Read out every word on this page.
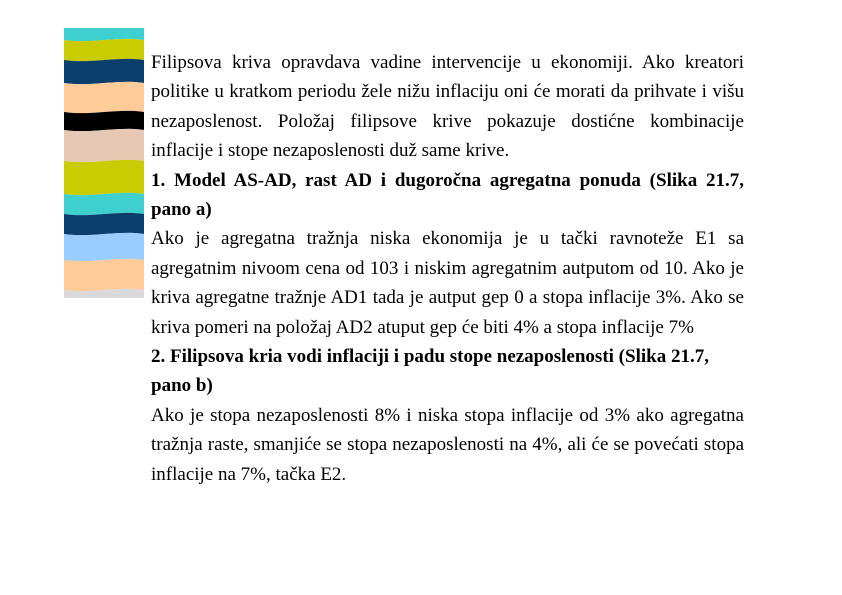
Filipsova kriva opravdava vadine intervencije u ekonomiji. Ako kreatori politike u kratkom periodu žele nižu inflaciju oni će morati da prihvate i višu nezaposlenost. Položaj filipsove krive pokazuje dostićne kombinacije inflacije i stope nezaposlenosti duž same krive.

1. Model AS-AD, rast AD i dugoročna agregatna ponuda (Slika 21.7, pano a)

Ako je agregatna tražnja niska ekonomija je u tački ravnoteže E1 sa agregatnim nivoom cena od 103 i niskim agregatnim autputom od 10. Ako je kriva agregatne tražnje AD1 tada je autput gep 0 a stopa inflacije 3%. Ako se kriva pomeri na položaj AD2 atuput gep će biti 4% a stopa inflacije 7%

2. Filipsova kria vodi inflaciji i padu stope nezaposlenosti (Slika 21.7, pano b)

Ako je stopa nezaposlenosti 8% i niska stopa inflacije od 3% ako agregatna tražnja raste, smanjiće se stopa nezaposlenosti na 4%, ali će se povećati stopa inflacije na 7%, tačka E2.
